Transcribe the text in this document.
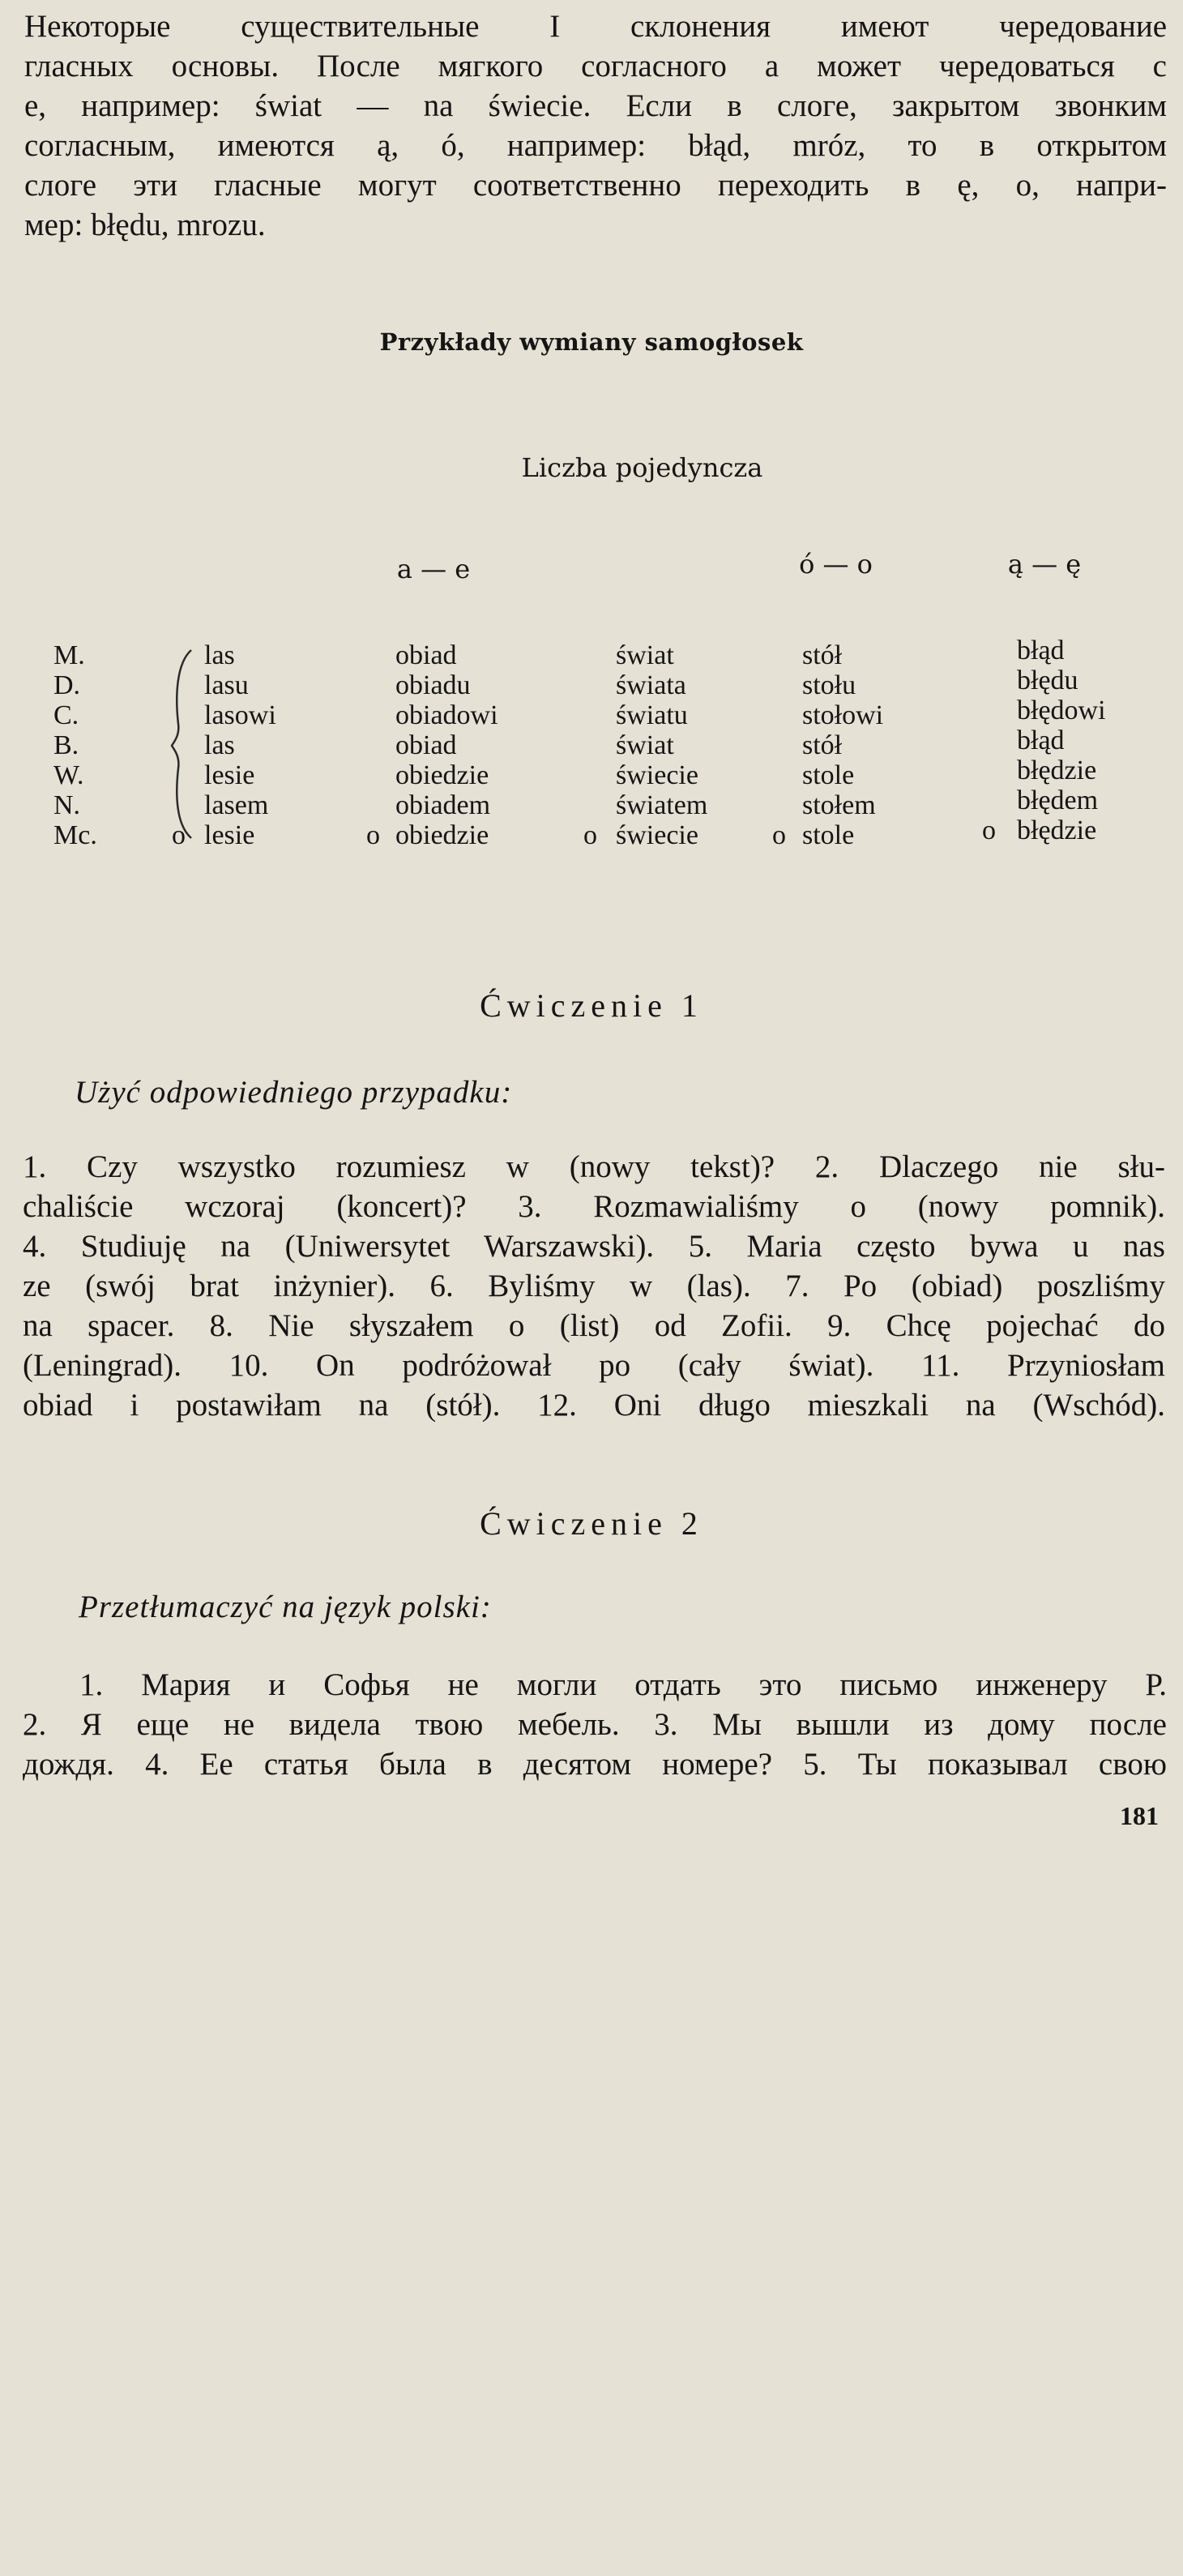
Некоторые существительные I склонения имеют чередование
гласных основы. После мягкого согласного а может чередоваться с
е, например: świat — na świecie. Если в слоге, закрытом звонким
согласным, имеются ą, ó, например: błąd, mróz, то в открытом
слоге эти гласные могут соответственно переходить в ę, o, напри-
мер: błędu, mrozu.
Przykłady wymiany samogłosek
Liczba pojedyncza
a — e	ó — o	ą — ę
M.
D.
C.
B.
W.
N.
Mc.
las
lasu
lasowi
las
lesie
lasem
lesie
o
obiad
obiadu
obiadowi
obiad
obiedzie
obiadem
obiedzie
o
świat
świata
światu
świat
świecie
światem
świecie
o
stół
stołu
stołowi
stół
stole
stołem
stole
o
błąd
błędu
błędowi
błąd
błędzie
błędem
błędzie
o
Ćwiczenie 1
Użyć odpowiedniego przypadku:
1. Czy wszystko rozumiesz w (nowy tekst)? 2. Dlaczego nie słu-
chaliście wczoraj (koncert)? 3. Rozmawialiśmy o (nowy pomnik).
4. Studiuję na (Uniwersytet Warszawski). 5. Maria często bywa u nas
ze (swój brat inżynier). 6. Byliśmy w (las). 7. Po (obiad) poszliśmy
na spacer. 8. Nie słyszałem o (list) od Zofii. 9. Chcę pojechać do
(Leningrad). 10. On podróżował po (cały świat). 11. Przyniosłam
obiad i postawiłam na (stół). 12. Oni długo mieszkali na (Wschód).
Ćwiczenie 2
Przetłumaczyć na język polski:
1. Мария и Софья не могли отдать это письмо инженеру Р.
2. Я еще не видела твою мебель. 3. Мы вышли из дому после
дождя. 4. Ее статья была в десятом номере? 5. Ты показывал свою
181
